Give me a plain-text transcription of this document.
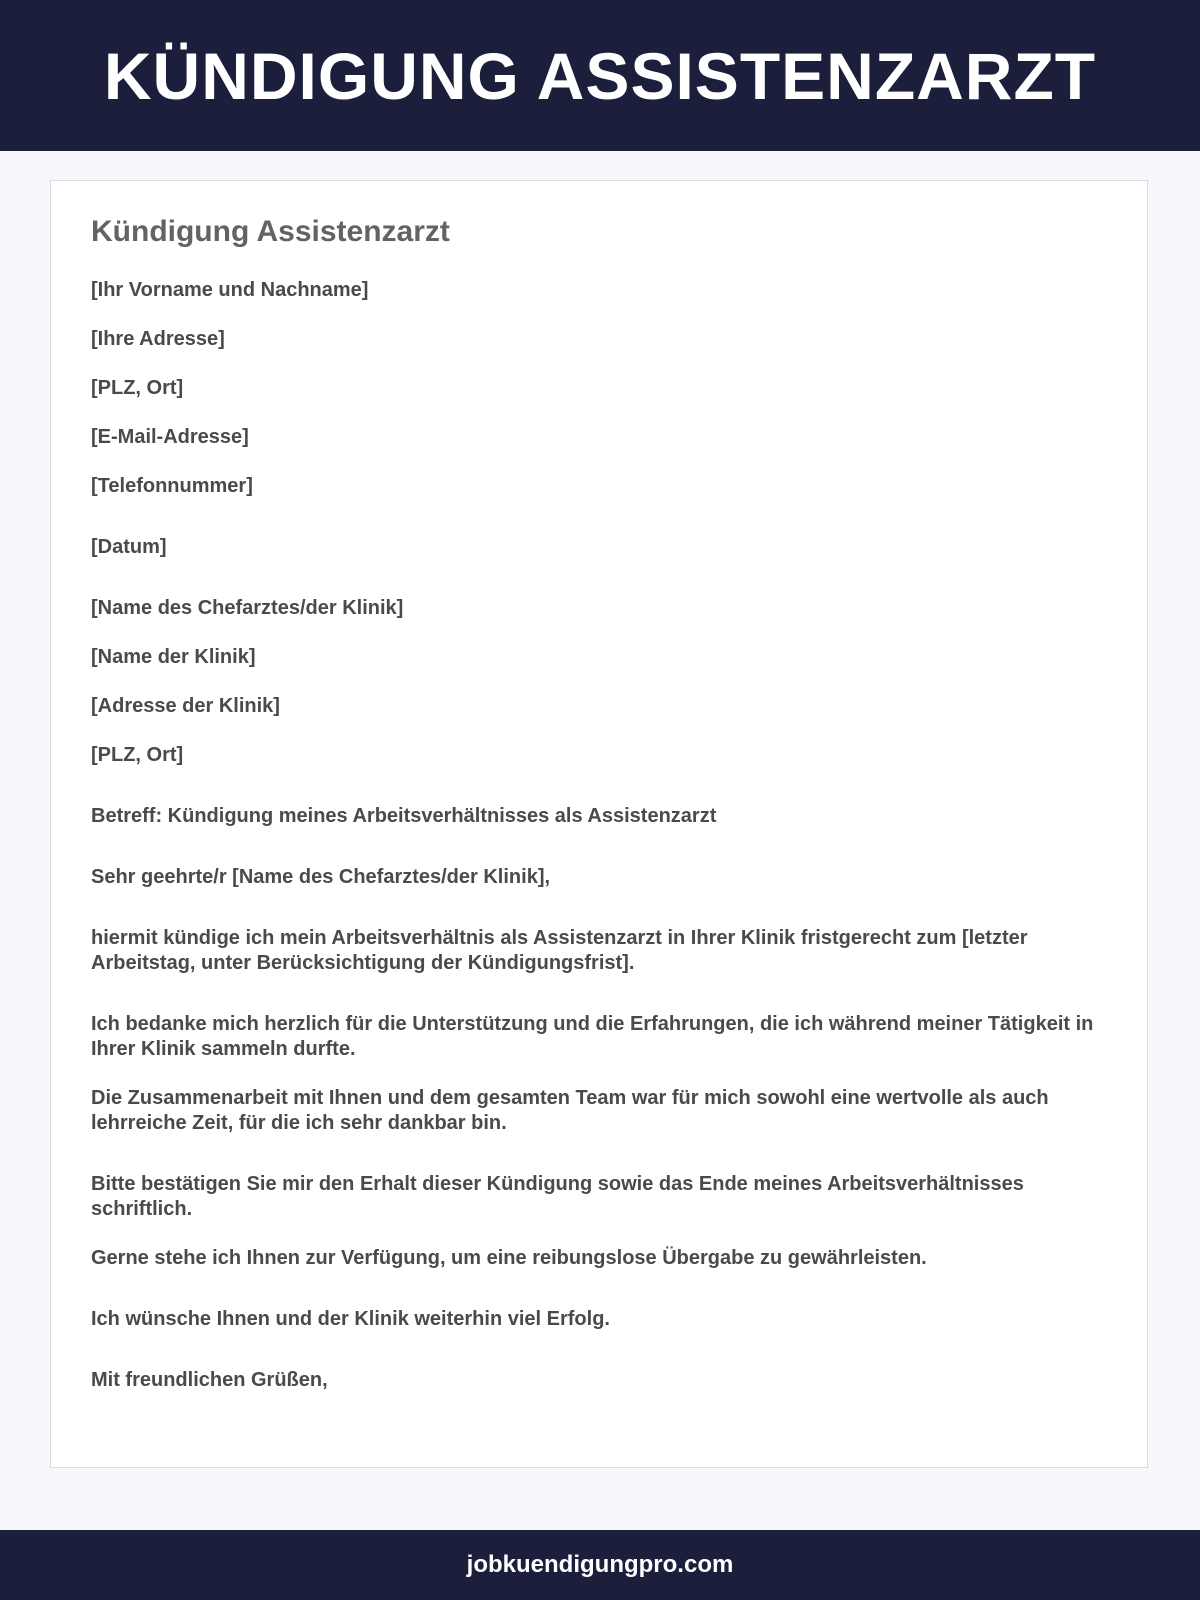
KÜNDIGUNG ASSISTENZARZT
Kündigung Assistenzarzt

[Ihr Vorname und Nachname]

[Ihre Adresse]

[PLZ, Ort]

[E-Mail-Adresse]

[Telefonnummer]

[Datum]

[Name des Chefarztes/der Klinik]

[Name der Klinik]

[Adresse der Klinik]

[PLZ, Ort]

Betreff: Kündigung meines Arbeitsverhältnisses als Assistenzarzt

Sehr geehrte/r [Name des Chefarztes/der Klinik],

hiermit kündige ich mein Arbeitsverhältnis als Assistenzarzt in Ihrer Klinik fristgerecht zum [letzter Arbeitstag, unter Berücksichtigung der Kündigungsfrist].

Ich bedanke mich herzlich für die Unterstützung und die Erfahrungen, die ich während meiner Tätigkeit in Ihrer Klinik sammeln durfte.

Die Zusammenarbeit mit Ihnen und dem gesamten Team war für mich sowohl eine wertvolle als auch lehrreiche Zeit, für die ich sehr dankbar bin.

Bitte bestätigen Sie mir den Erhalt dieser Kündigung sowie das Ende meines Arbeitsverhältnisses schriftlich.

Gerne stehe ich Ihnen zur Verfügung, um eine reibungslose Übergabe zu gewährleisten.

Ich wünsche Ihnen und der Klinik weiterhin viel Erfolg.

Mit freundlichen Grüßen,

jobkuendigungpro.com
